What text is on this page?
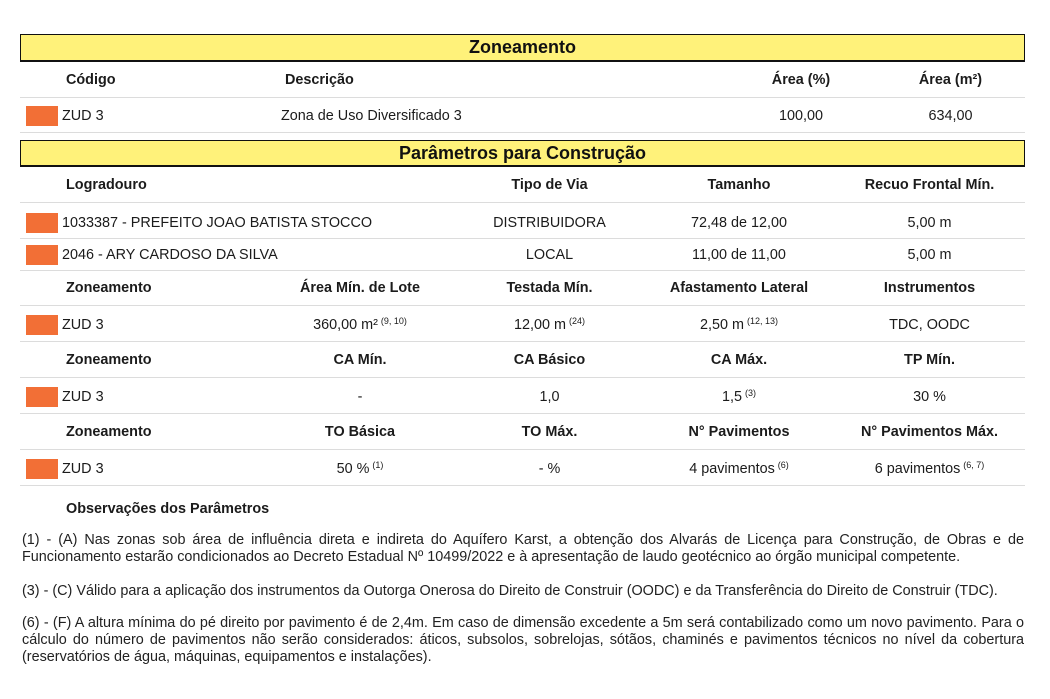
Zoneamento
Código	Descrição	Área (%)	Área (m²)
ZUD 3	Zona de Uso Diversificado 3	100,00	634,00
Parâmetros para Construção
Logradouro	Tipo de Via	Tamanho	Recuo Frontal Mín.
1033387 - PREFEITO JOAO BATISTA STOCCO	DISTRIBUIDORA	72,48 de 12,00	5,00 m
2046 - ARY CARDOSO DA SILVA	LOCAL	11,00 de 11,00	5,00 m
Zoneamento	Área Mín. de Lote	Testada Mín.	Afastamento Lateral	Instrumentos
ZUD 3	360,00 m² $^{(9, 10)}$	12,00 m $^{(24)}$	2,50 m $^{(12, 13)}$	TDC, OODC
Zoneamento	CA Mín.	CA Básico	CA Máx.	TP Mín.
ZUD 3	-	1,0	1,5 $^{(3)}$	30 %
Zoneamento	TO Básica	TO Máx.	N° Pavimentos	N° Pavimentos Máx.
ZUD 3	50 % $^{(1)}$	- %	4 pavimentos $^{(6)}$	6 pavimentos $^{(6, 7)}$
Observações dos Parâmetros

(1) - (A) Nas zonas sob área de influência direta e indireta do Aquífero Karst, a obtenção dos Alvarás de Licença para Construção, de Obras e de Funcionamento estarão condicionados ao Decreto Estadual Nº 10499/2022 e à apresentação de laudo geotécnico ao órgão municipal competente.

(3) - (C) Válido para a aplicação dos instrumentos da Outorga Onerosa do Direito de Construir (OODC) e da Transferência do Direito de Construir (TDC).

(6) - (F) A altura mínima do pé direito por pavimento é de 2,4m. Em caso de dimensão excedente a 5m será contabilizado como um novo pavimento. Para o cálculo do número de pavimentos não serão considerados: áticos, subsolos, sobrelojas, sótãos, chaminés e pavimentos técnicos no nível da cobertura (reservatórios de água, máquinas, equipamentos e instalações).
